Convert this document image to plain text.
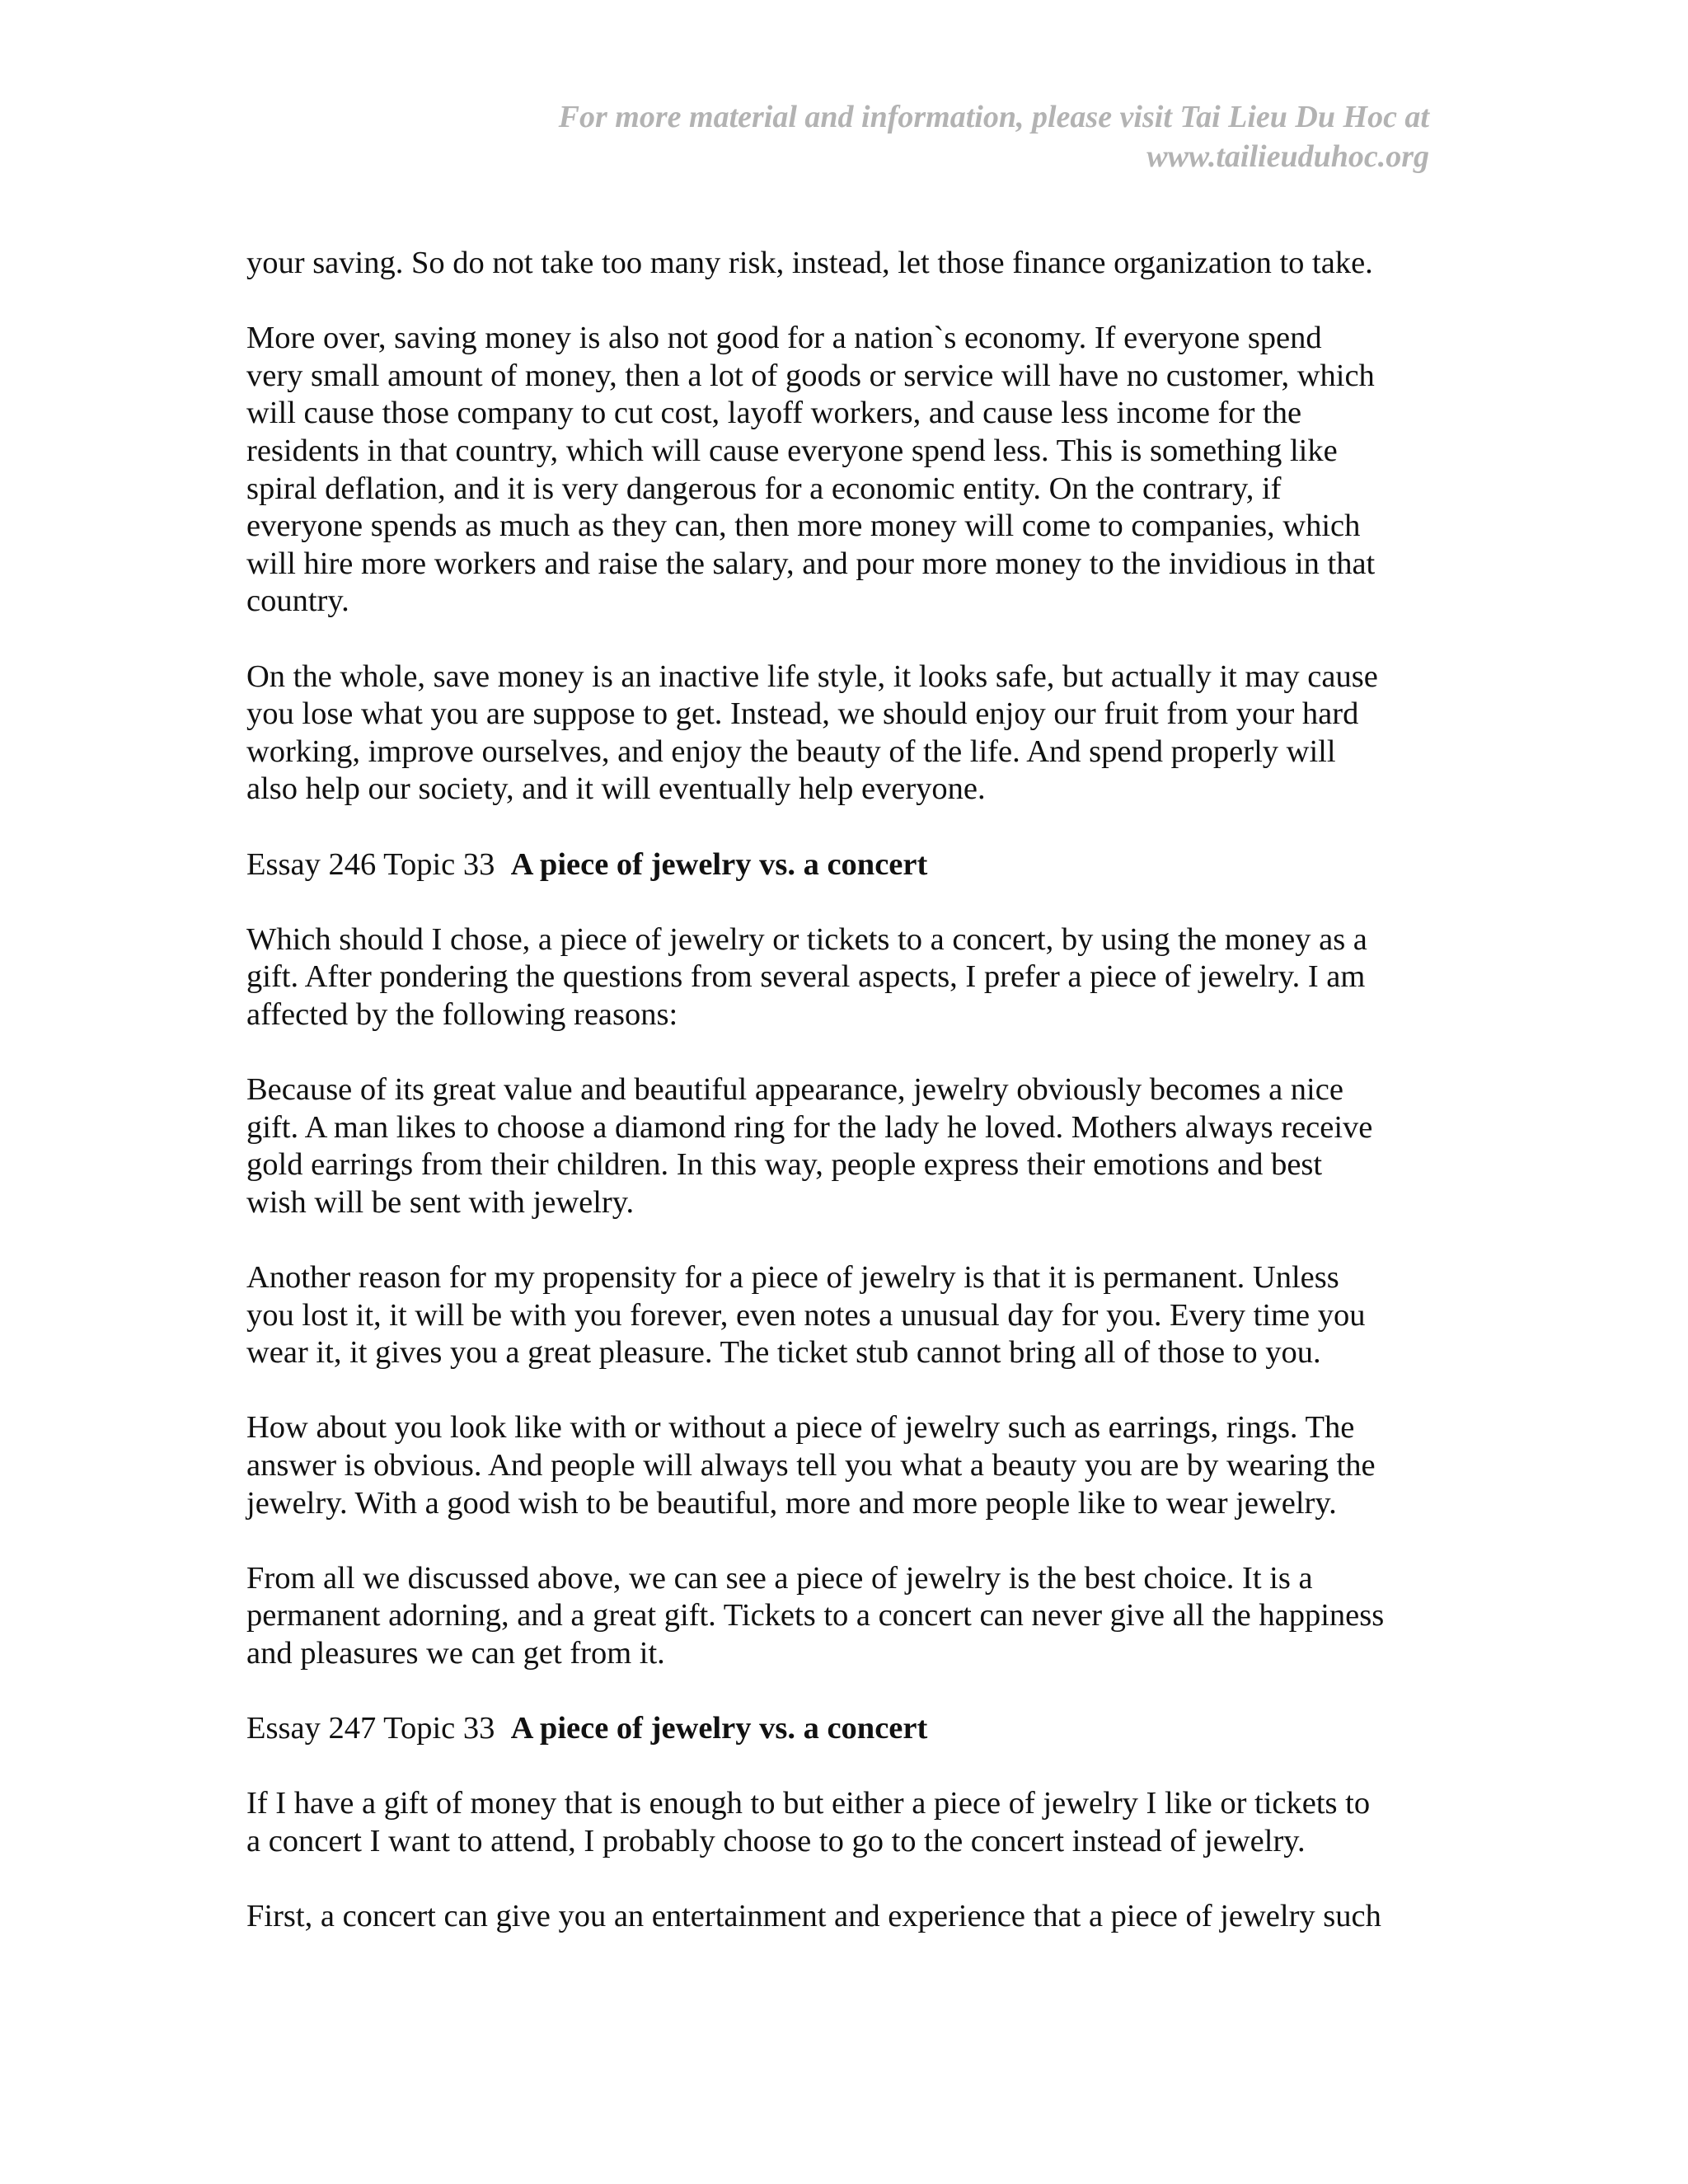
For more material and information, please visit Tai Lieu Du Hoc at
www.tailieuduhoc.org
your saving. So do not take too many risk, instead, let those finance organization to take.
More over, saving money is also not good for a nation`s economy. If everyone spend
very small amount of money, then a lot of goods or service will have no customer, which
will cause those company to cut cost, layoff workers, and cause less income for the
residents in that country, which will cause everyone spend less. This is something like
spiral deflation, and it is very dangerous for a economic entity. On the contrary, if
everyone spends as much as they can, then more money will come to companies, which
will hire more workers and raise the salary, and pour more money to the invidious in that
country.
On the whole, save money is an inactive life style, it looks safe, but actually it may cause
you lose what you are suppose to get. Instead, we should enjoy our fruit from your hard
working, improve ourselves, and enjoy the beauty of the life. And spend properly will
also help our society, and it will eventually help everyone.
Essay 246 Topic 33 A piece of jewelry vs. a concert
Which should I chose, a piece of jewelry or tickets to a concert, by using the money as a
gift. After pondering the questions from several aspects, I prefer a piece of jewelry. I am
affected by the following reasons:
Because of its great value and beautiful appearance, jewelry obviously becomes a nice
gift. A man likes to choose a diamond ring for the lady he loved. Mothers always receive
gold earrings from their children. In this way, people express their emotions and best
wish will be sent with jewelry.
Another reason for my propensity for a piece of jewelry is that it is permanent. Unless
you lost it, it will be with you forever, even notes a unusual day for you. Every time you
wear it, it gives you a great pleasure. The ticket stub cannot bring all of those to you.
How about you look like with or without a piece of jewelry such as earrings, rings. The
answer is obvious. And people will always tell you what a beauty you are by wearing the
jewelry. With a good wish to be beautiful, more and more people like to wear jewelry.
From all we discussed above, we can see a piece of jewelry is the best choice. It is a
permanent adorning, and a great gift. Tickets to a concert can never give all the happiness
and pleasures we can get from it.
Essay 247 Topic 33 A piece of jewelry vs. a concert
If I have a gift of money that is enough to but either a piece of jewelry I like or tickets to
a concert I want to attend, I probably choose to go to the concert instead of jewelry.
First, a concert can give you an entertainment and experience that a piece of jewelry such
